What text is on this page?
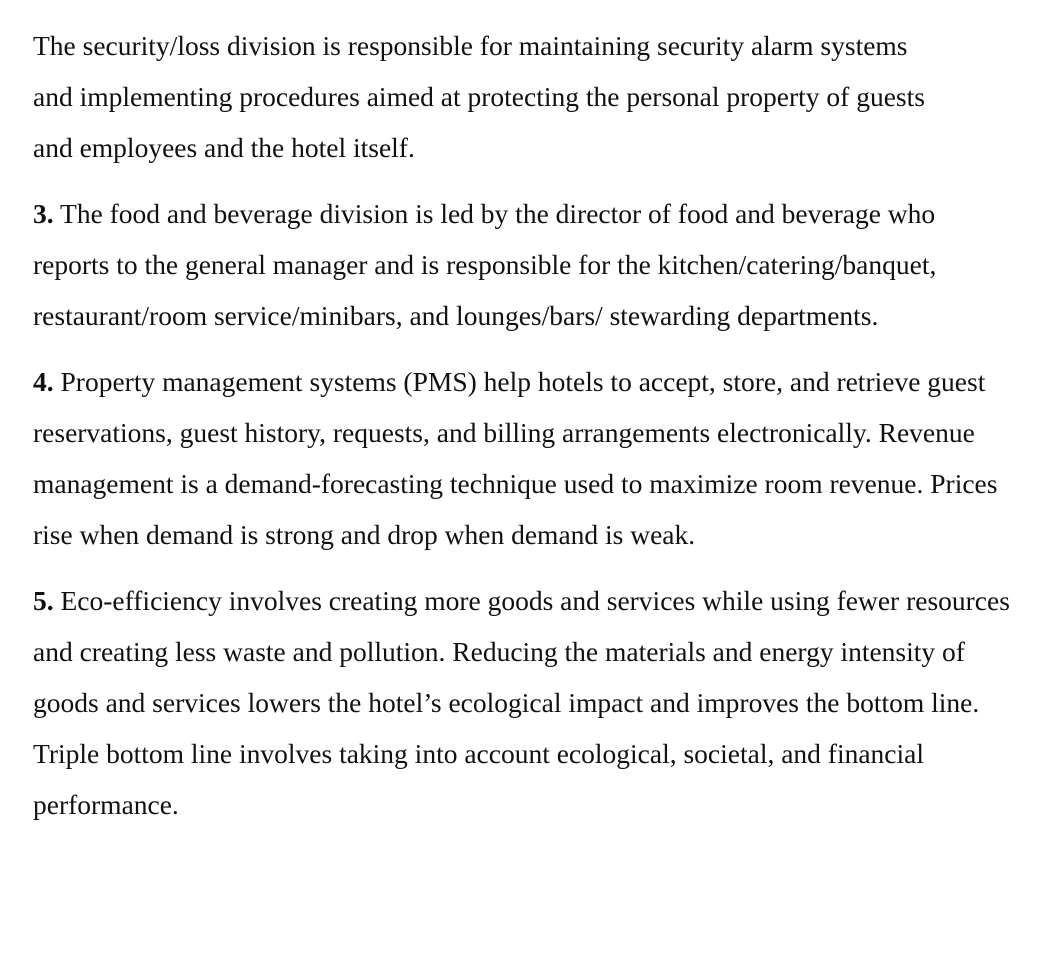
The security/loss division is responsible for maintaining security alarm systems and implementing procedures aimed at protecting the personal property of guests and employees and the hotel itself.

3. The food and beverage division is led by the director of food and beverage who reports to the general manager and is responsible for the kitchen/catering/banquet, restaurant/room service/minibars, and lounges/bars/ stewarding departments.

4. Property management systems (PMS) help hotels to accept, store, and retrieve guest reservations, guest history, requests, and billing arrangements electronically. Revenue management is a demand-forecasting technique used to maximize room revenue. Prices rise when demand is strong and drop when demand is weak.

5. Eco-efficiency involves creating more goods and services while using fewer resources and creating less waste and pollution. Reducing the materials and energy intensity of goods and services lowers the hotel’s ecological impact and improves the bottom line. Triple bottom line involves taking into account ecological, societal, and financial performance.
